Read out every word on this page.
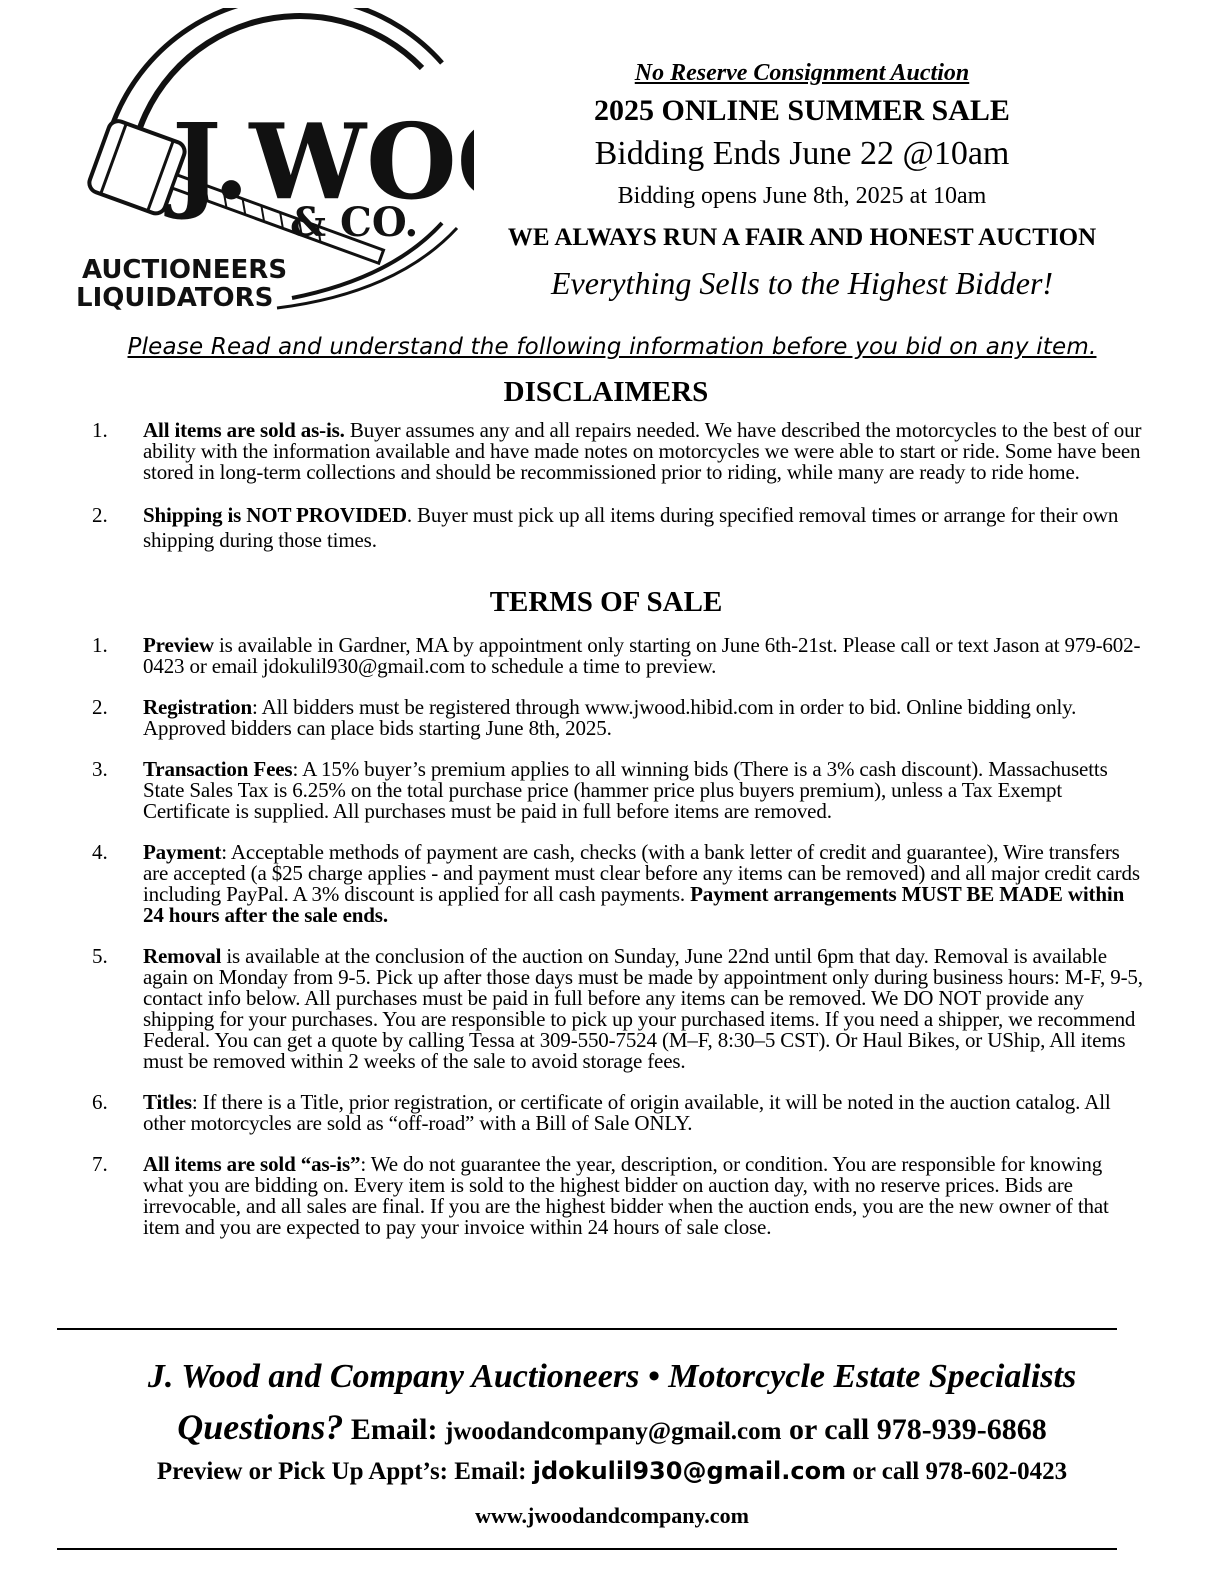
J.WO
& CO.
AUCTIONEERS
LIQUIDATORS
No Reserve Consignment Auction
2025 ONLINE SUMMER SALE
Bidding Ends June 22 @10am
Bidding opens June 8th, 2025 at 10am
WE ALWAYS RUN A FAIR AND HONEST AUCTION
Everything Sells to the Highest Bidder!
Please Read and understand the following information before you bid on any item.
DISCLAIMERS
1. All items are sold as-is. Buyer assumes any and all repairs needed. We have described the motorcycles to the best of our ability with the information available and have made notes on motorcycles we were able to start or ride. Some have been stored in long-term collections and should be recommissioned prior to riding, while many are ready to ride home.
2. Shipping is NOT PROVIDED. Buyer must pick up all items during specified removal times or arrange for their own shipping during those times.
TERMS OF SALE
1. Preview is available in Gardner, MA by appointment only starting on June 6th-21st. Please call or text Jason at 979-602-0423 or email jdokulil930@gmail.com to schedule a time to preview.
2. Registration: All bidders must be registered through www.jwood.hibid.com in order to bid. Online bidding only. Approved bidders can place bids starting June 8th, 2025.
3. Transaction Fees: A 15% buyer’s premium applies to all winning bids (There is a 3% cash discount). Massachusetts State Sales Tax is 6.25% on the total purchase price (hammer price plus buyers premium), unless a Tax Exempt Certificate is supplied. All purchases must be paid in full before items are removed.
4. Payment: Acceptable methods of payment are cash, checks (with a bank letter of credit and guarantee), Wire transfers are accepted (a $25 charge applies - and payment must clear before any items can be removed) and all major credit cards including PayPal. A 3% discount is applied for all cash payments. Payment arrangements MUST BE MADE within 24 hours after the sale ends.
5. Removal is available at the conclusion of the auction on Sunday, June 22nd until 6pm that day. Removal is available again on Monday from 9-5. Pick up after those days must be made by appointment only during business hours: M-F, 9-5, contact info below. All purchases must be paid in full before any items can be removed. We DO NOT provide any shipping for your purchases. You are responsible to pick up your purchased items. If you need a shipper, we recommend Federal. You can get a quote by calling Tessa at 309-550-7524 (M–F, 8:30–5 CST). Or Haul Bikes, or UShip, All items must be removed within 2 weeks of the sale to avoid storage fees.
6. Titles: If there is a Title, prior registration, or certificate of origin available, it will be noted in the auction catalog. All other motorcycles are sold as “off-road” with a Bill of Sale ONLY.
7. All items are sold “as-is”: We do not guarantee the year, description, or condition. You are responsible for knowing what you are bidding on. Every item is sold to the highest bidder on auction day, with no reserve prices. Bids are irrevocable, and all sales are final. If you are the highest bidder when the auction ends, you are the new owner of that item and you are expected to pay your invoice within 24 hours of sale close.
J. Wood and Company Auctioneers • Motorcycle Estate Specialists
Questions? Email: jwoodandcompany@gmail.com or call 978-939-6868
Preview or Pick Up Appt’s: Email: jdokulil930@gmail.com or call 978-602-0423
www.jwoodandcompany.com
